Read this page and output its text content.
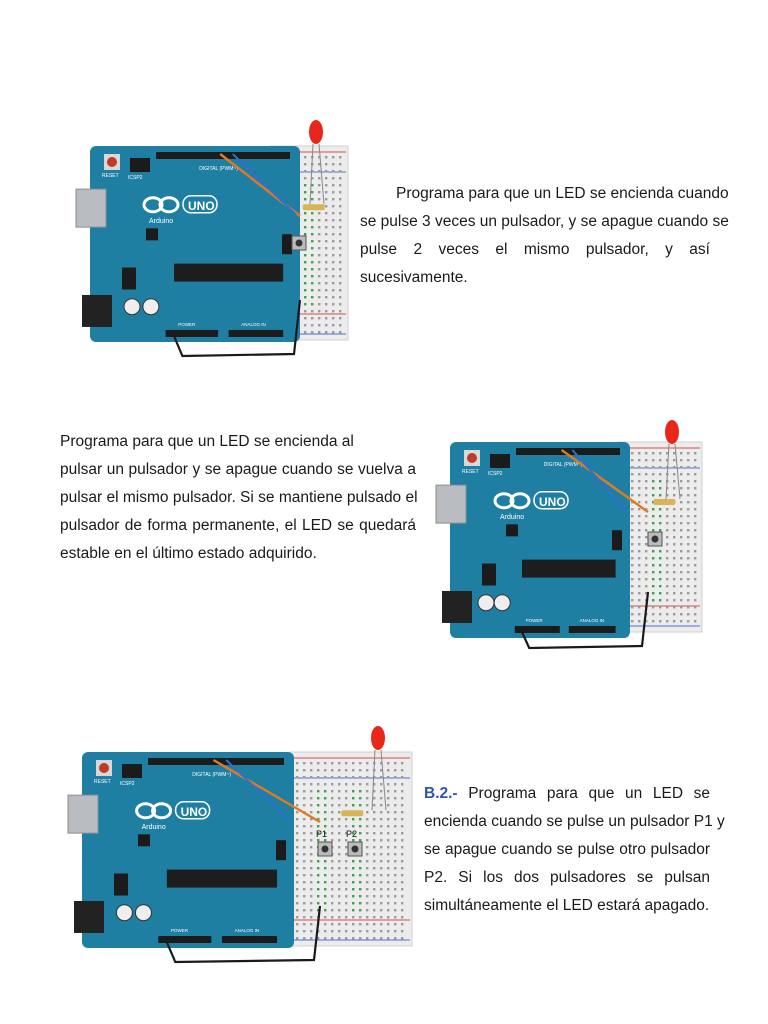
RESET ICSP2
DIGITAL (PWM~)
UNO
Arduino
POWER	ANALOG IN
RESET ICSP2
DIGITAL (PWM~)
UNO
Arduino
POWER	ANALOG IN
RESET ICSP2
DIGITAL (PWM~)
UNO
Arduino
POWER	ANALOG IN
P1 P2
Programa para que un LED se encienda cuando
se pulse 3 veces un pulsador, y se apague cuando se
pulse 2 veces el mismo pulsador, y así
sucesivamente.
Programa para que un LED se encienda al
pulsar un pulsador y se apague cuando se vuelva a
pulsar el mismo pulsador. Si se mantiene pulsado el
pulsador de forma permanente, el LED se quedará
estable en el último estado adquirido.
B.2.- Programa para que un LED se
encienda cuando se pulse un pulsador P1 y
se apague cuando se pulse otro pulsador
P2. Si los dos pulsadores se pulsan
simultáneamente el LED estará apagado.
